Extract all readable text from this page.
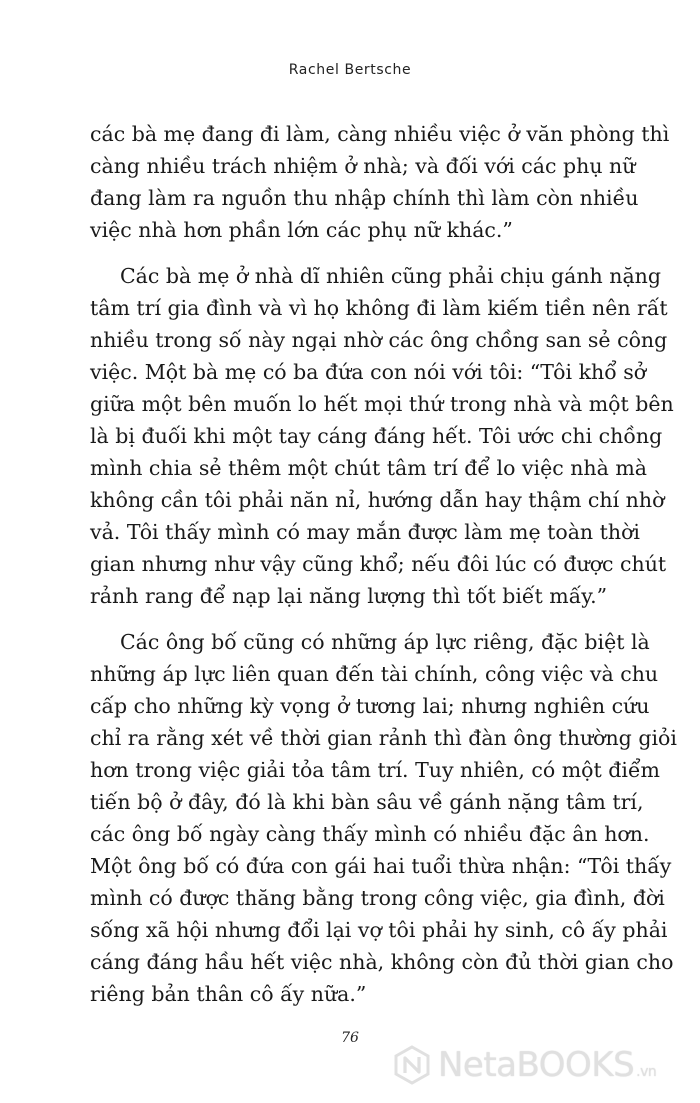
Rachel Bertsche
các bà mẹ đang đi làm, càng nhiều việc ở văn phòng thì
càng nhiều trách nhiệm ở nhà; và đối với các phụ nữ
đang làm ra nguồn thu nhập chính thì làm còn nhiều
việc nhà hơn phần lớn các phụ nữ khác.”
Các bà mẹ ở nhà dĩ nhiên cũng phải chịu gánh nặng
tâm trí gia đình và vì họ không đi làm kiếm tiền nên rất
nhiều trong số này ngại nhờ các ông chồng san sẻ công
việc. Một bà mẹ có ba đứa con nói với tôi: “Tôi khổ sở
giữa một bên muốn lo hết mọi thứ trong nhà và một bên
là bị đuối khi một tay cáng đáng hết. Tôi ước chi chồng
mình chia sẻ thêm một chút tâm trí để lo việc nhà mà
không cần tôi phải năn nỉ, hướng dẫn hay thậm chí nhờ
vả. Tôi thấy mình có may mắn được làm mẹ toàn thời
gian nhưng như vậy cũng khổ; nếu đôi lúc có được chút
rảnh rang để nạp lại năng lượng thì tốt biết mấy.”
Các ông bố cũng có những áp lực riêng, đặc biệt là
những áp lực liên quan đến tài chính, công việc và chu
cấp cho những kỳ vọng ở tương lai; nhưng nghiên cứu
chỉ ra rằng xét về thời gian rảnh thì đàn ông thường giỏi
hơn trong việc giải tỏa tâm trí. Tuy nhiên, có một điểm
tiến bộ ở đây, đó là khi bàn sâu về gánh nặng tâm trí,
các ông bố ngày càng thấy mình có nhiều đặc ân hơn.
Một ông bố có đứa con gái hai tuổi thừa nhận: “Tôi thấy
mình có được thăng bằng trong công việc, gia đình, đời
sống xã hội nhưng đổi lại vợ tôi phải hy sinh, cô ấy phải
cáng đáng hầu hết việc nhà, không còn đủ thời gian cho
riêng bản thân cô ấy nữa.”
76
NetaBOOKS .vn
